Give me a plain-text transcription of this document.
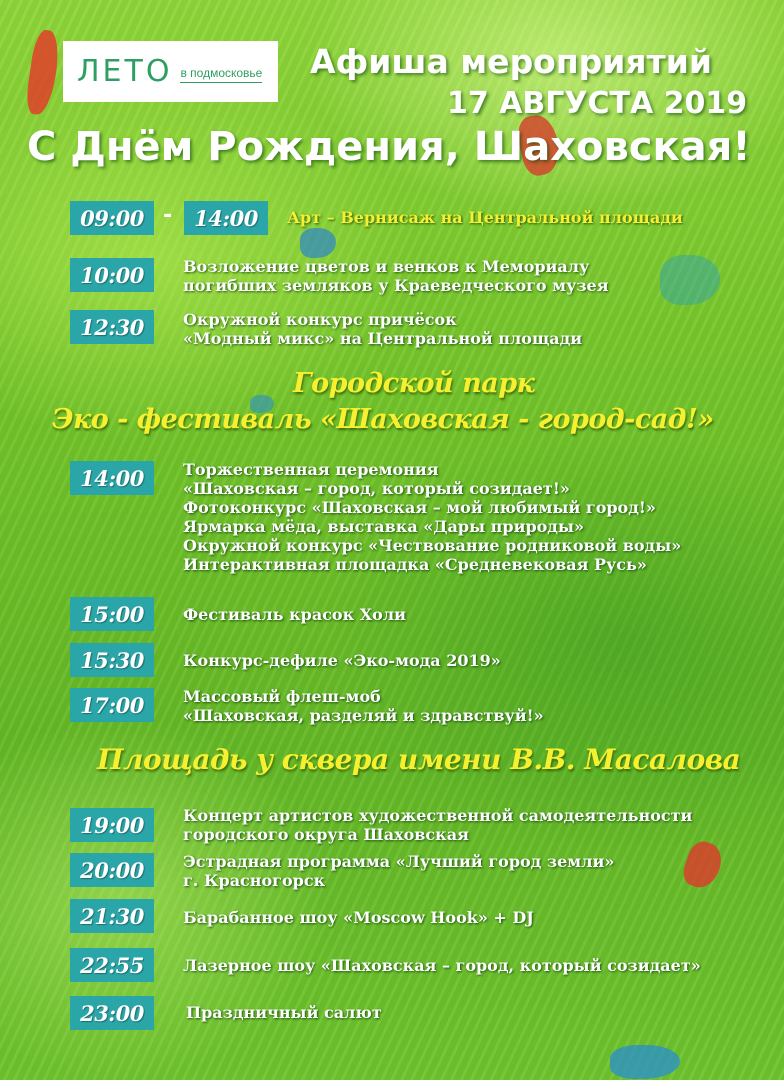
ЛЕТО в подмосковье Афиша мероприятий
17 АВГУСТА 2019
С Днём Рождения, Шаховская!
09:00 -	14:00	Арт – Вернисаж на Центральной площади
10:00	Возложение цветов и венков к Мемориалу
погибших земляков у Краеведческого музея
12:30	Окружной конкурс причёсок
«Модный микс» на Центральной площади
Городской парк
Эко - фестиваль «Шаховская - город-сад!»
14:00	Торжественная церемония
«Шаховская – город, который созидает!»
Фотоконкурс «Шаховская – мой любимый город!»
Ярмарка мёда, выставка «Дары природы»
Окружной конкурс «Чествование родниковой воды»
Интерактивная площадка «Средневековая Русь»
15:00	Фестиваль красок Холи
15:30	Конкурс-дефиле «Эко-мода 2019»
17:00	Массовый флеш-моб
«Шаховская, разделяй и здравствуй!»
Площадь у сквера имени В.В. Масалова
19:00	Концерт артистов художественной самодеятельности
городского округа Шаховская
20:00	Эстрадная программа «Лучший город земли»
г. Красногорск
21:30	Барабанное шоу «Moscow Hook» + DJ
22:55	Лазерное шоу «Шаховская – город, который созидает»
23:00	Праздничный салют
